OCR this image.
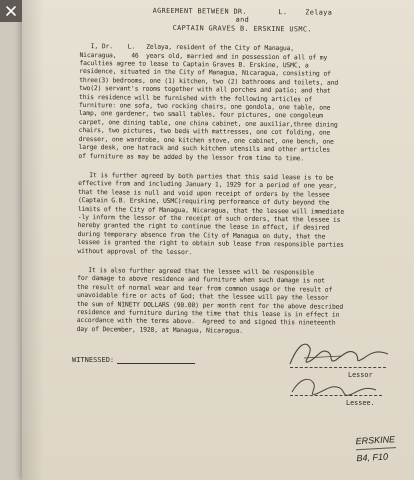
AGREEMENT BETWEEN DR.       L.    Zelaya
and
CAPTAIN GRAVES B. ERSKINE USMC.
I, Dr.    L.   Zelaya, resident of the City of Managua,
Nicaragua,    46  years old, married and in possession of all of my
faculties agree to lease to Captain Graves B. Erskine, USMC, a
residence, situated in the City of Managua, Nicaragua, consisting of
three(3) bedrooms, one (1) kitchen, two (2) bathrooms and toilets, and
two(2) servant's rooms together with all porches and patio; and that
this residence will be furnished with the following articles of
furniture: one sofa, two rocking chairs, one gondola, one table, one
lamp, one gardener, two small tables, four pictures, one congoleum
carpet, one dining table, one china cabinet, one auxiliar,three dining
chairs, two pictures, two beds with mattresses, one cot folding, one
dresser, one wardrobe, one kitchen stove, one cabinet, one bench, one
large desk, one hatrack and such kitchen utensils and other articles
of furniture as may be added by the lessor from time to time.
It is further agreed by both parties that this said lease is to be
effective from and including January 1, 1929 for a period of one year,
that the lease is null and void upon receipt of orders by the lessee
(Captain G.B. Erskine, USMC)requiring performance of duty beyond the
limits of the City of Managua, Nicaragua, that the lessee will immediate
-ly inform the lessor of the receipt of such orders, that the lessee is
hereby granted the right to continue the lease in effect, if desired
during temporary absence from the City of Managua on duty, that the
lessee is granted the right to obtain sub lease from responsible parties
without approval of the lessor.
It is also further agreed that the lessee will be responsible
for damage to above residence and furniture when such damage is not
the result of normal wear and tear from common usage or the result of
unavoidable fire or acts of God; that the lessee will pay the lessor
the sum of NINETY DOLLARS (90.00) per month rent for the above described
residence and furniture during the time that this lease is in effect in
accordance with the terms above.  Agreed to and signed this nineteenth
day of December, 1928, at Managua, Nicaragua.
WITNESSED:
Lessor
Lessee.
ERSKINE
B4, F10
